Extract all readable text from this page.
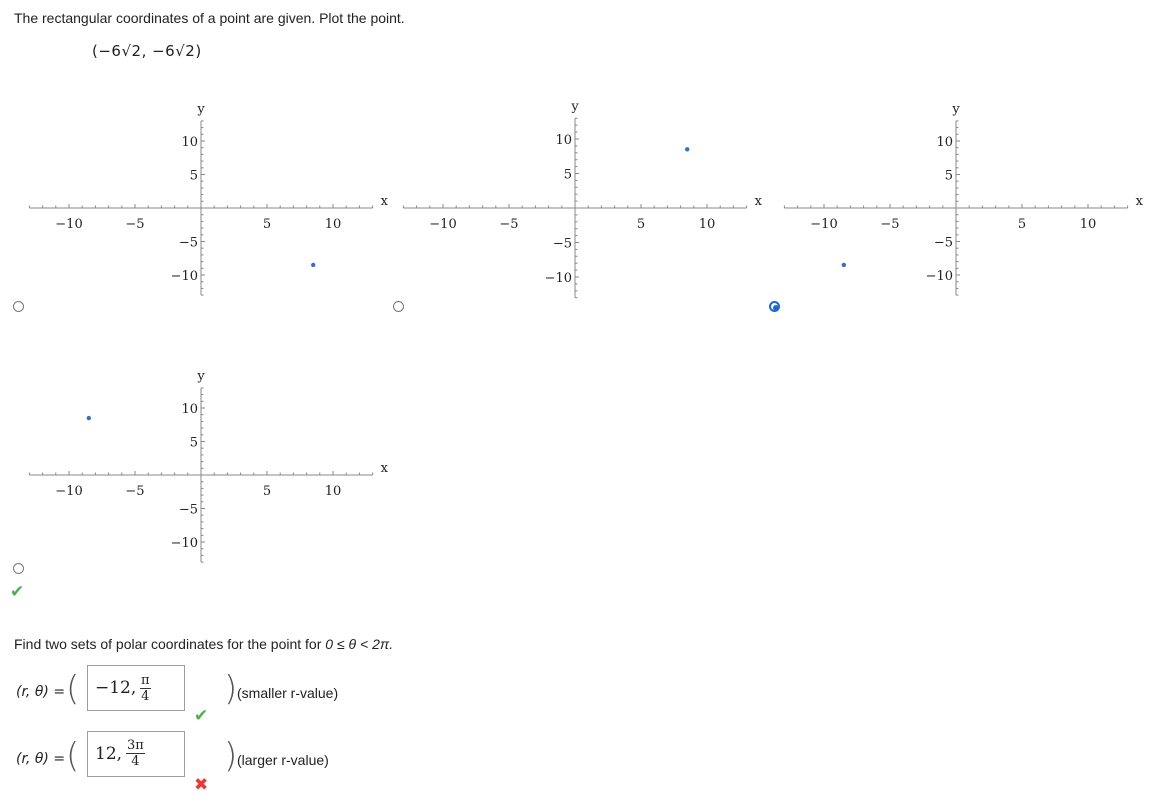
The rectangular coordinates of a point are given. Plot the point.
(−6√2, −6√2)
−10	−5	5	10
10
5
−5
−10
x
y
−10	−5	5	10
10
5
−5
−10
x
y
−10	−5	5	10
10
5
−5
−10
x
y
−10	−5	5	10
10
5
−5
−10
x
y
✔
Find two sets of polar coordinates for the point for 0 ≤ θ < 2π.
(r, θ) = ( −12, $\frac{\pi}{4}$
✔
) (smaller r-value)
(r, θ) = ( 12, $\frac{3\pi}{4}$
✖
) (larger r-value)
